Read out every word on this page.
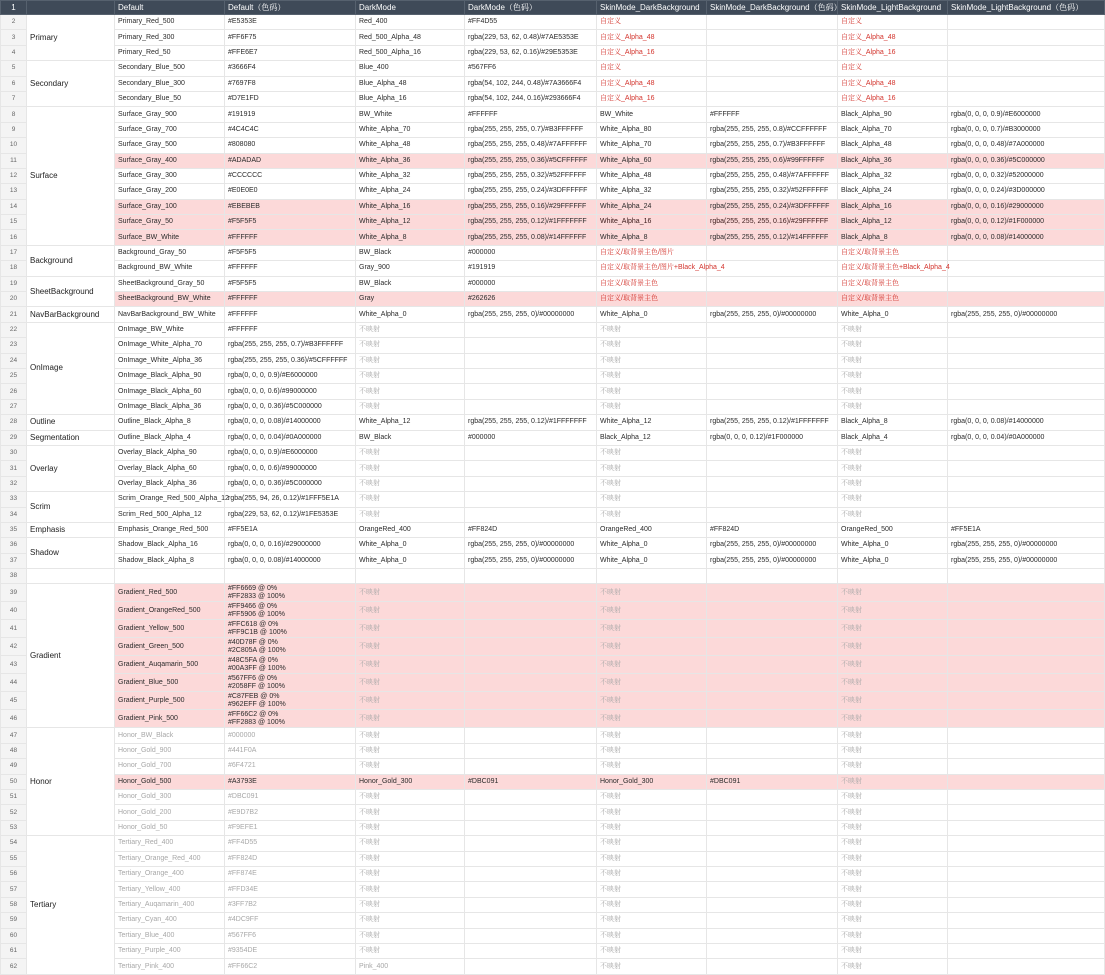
1		Default	Default（色码）	DarkMode	DarkMode（色码）	SkinMode_DarkBackground	SkinMode_DarkBackground（色码）	SkinMode_LightBackground	SkinMode_LightBackground（色码）
2	Primary	Primary_Red_500	#E5353E	Red_400	#FF4D55	自定义		自定义	
3		Primary_Red_300	#FF6F75	Red_500_Alpha_48	rgba(229, 53, 62, 0.48)/#7AE5353E	自定义_Alpha_48		自定义_Alpha_48	
4		Primary_Red_50	#FFE6E7	Red_500_Alpha_16	rgba(229, 53, 62, 0.16)/#29E5353E	自定义_Alpha_16		自定义_Alpha_16	
5	Secondary	Secondary_Blue_500	#3666F4	Blue_400	#567FF6	自定义		自定义	
6		Secondary_Blue_300	#7697F8	Blue_Alpha_48	rgba(54, 102, 244, 0.48)/#7A3666F4	自定义_Alpha_48		自定义_Alpha_48	
7		Secondary_Blue_50	#D7E1FD	Blue_Alpha_16	rgba(54, 102, 244, 0.16)/#293666F4	自定义_Alpha_16		自定义_Alpha_16	
8	Surface	Surface_Gray_900	#191919	BW_White	#FFFFFF	BW_White	#FFFFFF	Black_Alpha_90	rgba(0, 0, 0, 0.9)/#E6000000
9		Surface_Gray_700	#4C4C4C	White_Alpha_70	rgba(255, 255, 255, 0.7)/#B3FFFFFF	White_Alpha_80	rgba(255, 255, 255, 0.8)/#CCFFFFFF	Black_Alpha_70	rgba(0, 0, 0, 0.7)/#B3000000
10		Surface_Gray_500	#808080	White_Alpha_48	rgba(255, 255, 255, 0.48)/#7AFFFFFF	White_Alpha_70	rgba(255, 255, 255, 0.7)/#B3FFFFFF	Black_Alpha_48	rgba(0, 0, 0, 0.48)/#7A000000
11		Surface_Gray_400	#ADADAD	White_Alpha_36	rgba(255, 255, 255, 0.36)/#5CFFFFFF	White_Alpha_60	rgba(255, 255, 255, 0.6)/#99FFFFFF	Black_Alpha_36	rgba(0, 0, 0, 0.36)/#5C000000
12		Surface_Gray_300	#CCCCCC	White_Alpha_32	rgba(255, 255, 255, 0.32)/#52FFFFFF	White_Alpha_48	rgba(255, 255, 255, 0.48)/#7AFFFFFF	Black_Alpha_32	rgba(0, 0, 0, 0.32)/#52000000
13		Surface_Gray_200	#E0E0E0	White_Alpha_24	rgba(255, 255, 255, 0.24)/#3DFFFFFF	White_Alpha_32	rgba(255, 255, 255, 0.32)/#52FFFFFF	Black_Alpha_24	rgba(0, 0, 0, 0.24)/#3D000000
14		Surface_Gray_100	#EBEBEB	White_Alpha_16	rgba(255, 255, 255, 0.16)/#29FFFFFF	White_Alpha_24	rgba(255, 255, 255, 0.24)/#3DFFFFFF	Black_Alpha_16	rgba(0, 0, 0, 0.16)/#29000000
15		Surface_Gray_50	#F5F5F5	White_Alpha_12	rgba(255, 255, 255, 0.12)/#1FFFFFFF	White_Alpha_16	rgba(255, 255, 255, 0.16)/#29FFFFFF	Black_Alpha_12	rgba(0, 0, 0, 0.12)/#1F000000
16		Surface_BW_White	#FFFFFF	White_Alpha_8	rgba(255, 255, 255, 0.08)/#14FFFFFF	White_Alpha_8	rgba(255, 255, 255, 0.12)/#14FFFFFF	Black_Alpha_8	rgba(0, 0, 0, 0.08)/#14000000
17	Background	Background_Gray_50	#F5F5F5	BW_Black	#000000	自定义/取背景主色/图片		自定义/取背景主色	
18		Background_BW_White	#FFFFFF	Gray_900	#191919	自定义/取背景主色/图片+Black_Alpha_4		自定义/取背景主色+Black_Alpha_4	
19	SheetBackground	SheetBackground_Gray_50	#F5F5F5	BW_Black	#000000	自定义/取背景主色		自定义/取背景主色	
20		SheetBackground_BW_White	#FFFFFF	Gray	#262626	自定义/取背景主色		自定义/取背景主色	
21	NavBarBackground	NavBarBackground_BW_White	#FFFFFF	White_Alpha_0	rgba(255, 255, 255, 0)/#00000000	White_Alpha_0	rgba(255, 255, 255, 0)/#00000000	White_Alpha_0	rgba(255, 255, 255, 0)/#00000000
22	OnImage	OnImage_BW_White	#FFFFFF	不映射		不映射		不映射	
23		OnImage_White_Alpha_70	rgba(255, 255, 255, 0.7)/#B3FFFFFF	不映射		不映射		不映射	
24		OnImage_White_Alpha_36	rgba(255, 255, 255, 0.36)/#5CFFFFFF	不映射		不映射		不映射	
25		OnImage_Black_Alpha_90	rgba(0, 0, 0, 0.9)/#E6000000	不映射		不映射		不映射	
26		OnImage_Black_Alpha_60	rgba(0, 0, 0, 0.6)/#99000000	不映射		不映射		不映射	
27		OnImage_Black_Alpha_36	rgba(0, 0, 0, 0.36)/#5C000000	不映射		不映射		不映射	
28	Outline	Outline_Black_Alpha_8	rgba(0, 0, 0, 0.08)/#14000000	White_Alpha_12	rgba(255, 255, 255, 0.12)/#1FFFFFFF	White_Alpha_12	rgba(255, 255, 255, 0.12)/#1FFFFFFF	Black_Alpha_8	rgba(0, 0, 0, 0.08)/#14000000
29	Segmentation	Outline_Black_Alpha_4	rgba(0, 0, 0, 0.04)/#0A000000	BW_Black	#000000	Black_Alpha_12	rgba(0, 0, 0, 0.12)/#1F000000	Black_Alpha_4	rgba(0, 0, 0, 0.04)/#0A000000
30	Overlay	Overlay_Black_Alpha_90	rgba(0, 0, 0, 0.9)/#E6000000	不映射		不映射		不映射	
31		Overlay_Black_Alpha_60	rgba(0, 0, 0, 0.6)/#99000000	不映射		不映射		不映射	
32		Overlay_Black_Alpha_36	rgba(0, 0, 0, 0.36)/#5C000000	不映射		不映射		不映射	
33	Scrim	Scrim_Orange_Red_500_Alpha_12	rgba(255, 94, 26, 0.12)/#1FFF5E1A	不映射		不映射		不映射	
34		Scrim_Red_500_Alpha_12	rgba(229, 53, 62, 0.12)/#1FE5353E	不映射		不映射		不映射	
35	Emphasis	Emphasis_Orange_Red_500	#FF5E1A	OrangeRed_400	#FF824D	OrangeRed_400	#FF824D	OrangeRed_500	#FF5E1A
36	Shadow	Shadow_Black_Alpha_16	rgba(0, 0, 0, 0.16)/#29000000	White_Alpha_0	rgba(255, 255, 255, 0)/#00000000	White_Alpha_0	rgba(255, 255, 255, 0)/#00000000	White_Alpha_0	rgba(255, 255, 255, 0)/#00000000
37		Shadow_Black_Alpha_8	rgba(0, 0, 0, 0.08)/#14000000	White_Alpha_0	rgba(255, 255, 255, 0)/#00000000	White_Alpha_0	rgba(255, 255, 255, 0)/#00000000	White_Alpha_0	rgba(255, 255, 255, 0)/#00000000
38									
39	Gradient	Gradient_Red_500	#FF6669 @ 0%
#FF2833 @ 100%	不映射		不映射		不映射	
40		Gradient_OrangeRed_500	#FF9466 @ 0%
#FF5906 @ 100%	不映射		不映射		不映射	
41		Gradient_Yellow_500	#FFC618 @ 0%
#FF9C1B @ 100%	不映射		不映射		不映射	
42		Gradient_Green_500	#40D78F @ 0%
#2C805A @ 100%	不映射		不映射		不映射	
43		Gradient_Auqamarin_500	#48C5FA @ 0%
#00A3FF @ 100%	不映射		不映射		不映射	
44		Gradient_Blue_500	#567FF6 @ 0%
#2058FF @ 100%	不映射		不映射		不映射	
45		Gradient_Purple_500	#C87FEB @ 0%
#962EFF @ 100%	不映射		不映射		不映射	
46		Gradient_Pink_500	#FF66C2 @ 0%
#FF2883 @ 100%	不映射		不映射		不映射	
47	Honor	Honor_BW_Black	#000000	不映射		不映射		不映射	
48		Honor_Gold_900	#441F0A	不映射		不映射		不映射	
49		Honor_Gold_700	#6F4721	不映射		不映射		不映射	
50		Honor_Gold_500	#A3793E	Honor_Gold_300	#DBC091	Honor_Gold_300	#DBC091	不映射	
51		Honor_Gold_300	#DBC091	不映射		不映射		不映射	
52		Honor_Gold_200	#E9D7B2	不映射		不映射		不映射	
53		Honor_Gold_50	#F9EFE1	不映射		不映射		不映射	
54	Tertiary	Tertiary_Red_400	#FF4D55	不映射		不映射		不映射	
55		Tertiary_Orange_Red_400	#FF824D	不映射		不映射		不映射	
56		Tertiary_Orange_400	#FF874E	不映射		不映射		不映射	
57		Tertiary_Yellow_400	#FFD34E	不映射		不映射		不映射	
58		Tertiary_Auqamarin_400	#3FF7B2	不映射		不映射		不映射	
59		Tertiary_Cyan_400	#4DC9FF	不映射		不映射		不映射	
60		Tertiary_Blue_400	#567FF6	不映射		不映射		不映射	
61		Tertiary_Purple_400	#9354DE	不映射		不映射		不映射	
62		Tertiary_Pink_400	#FF66C2	Pink_400		不映射		不映射	
